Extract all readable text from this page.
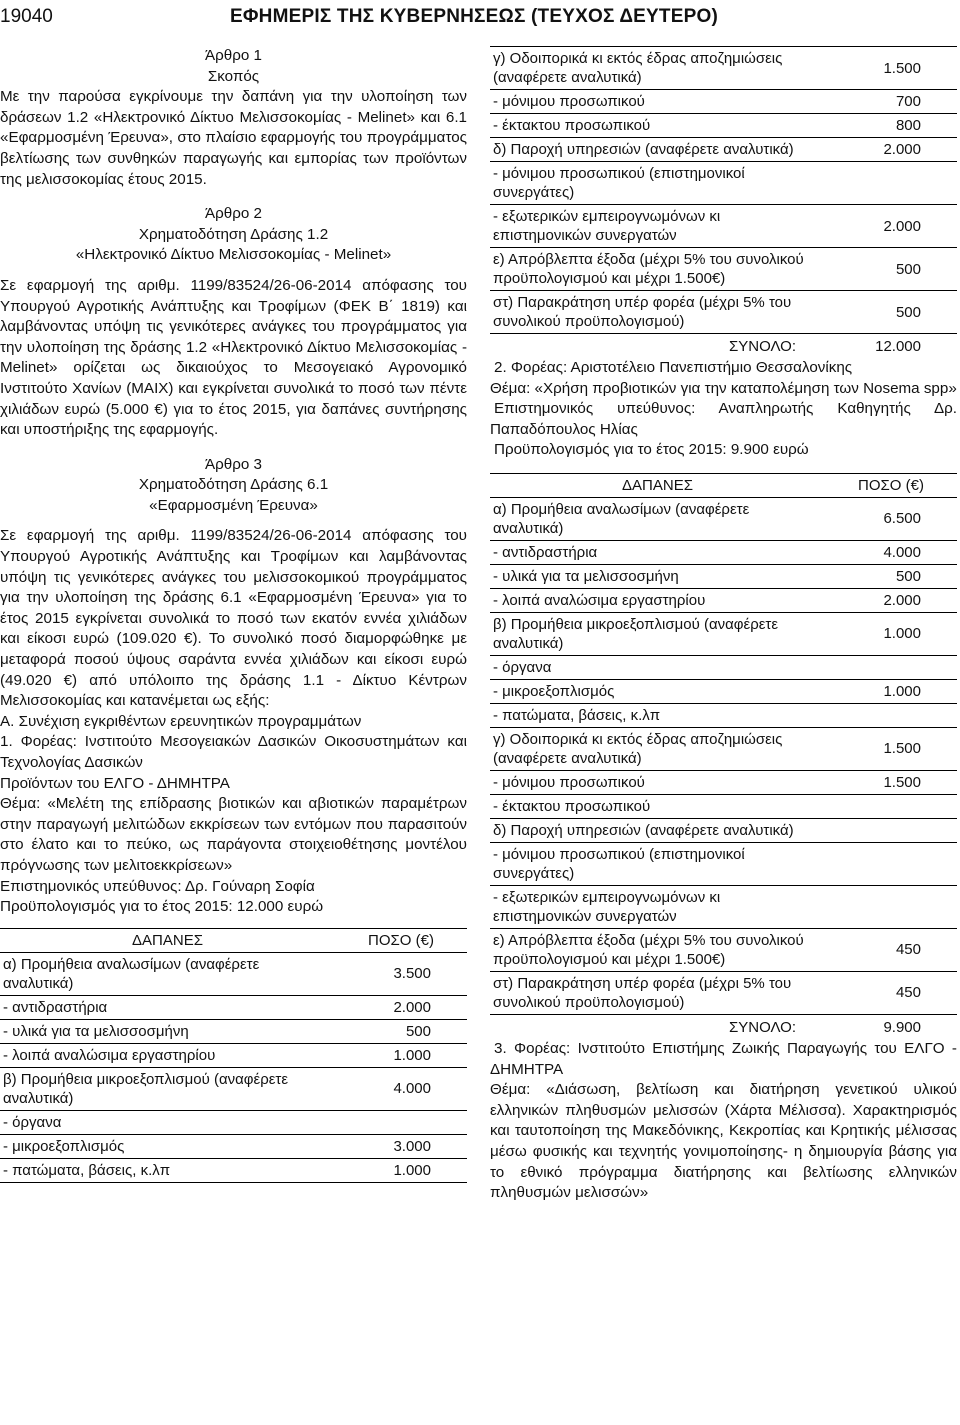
19040	ΕΦΗΜΕΡΙΣ ΤΗΣ ΚΥΒΕΡΝΗΣΕΩΣ (ΤΕΥΧΟΣ ΔΕΥΤΕΡΟ)

Άρθρο 1

Σκοπός

Με την παρούσα εγκρίνουμε την δαπάνη για την υλοποίηση των δράσεων 1.2 «Ηλεκτρονικό Δίκτυο Μελισσοκομίας - Melinet» και 6.1 «Εφαρμοσμένη Έρευνα», στο πλαίσιο εφαρμογής του προγράμματος βελτίωσης των συνθηκών παραγωγής και εμπορίας των προϊόντων της μελισσοκομίας έτους 2015.

Άρθρο 2

Χρηματοδότηση Δράσης 1.2

«Ηλεκτρονικό Δίκτυο Μελισσοκομίας - Melinet»

Σε εφαρμογή της αριθμ. 1199/83524/26-06-2014 απόφασης του Υπουργού Αγροτικής Ανάπτυξης και Τροφίμων (ΦΕΚ Β΄ 1819) και λαμβάνοντας υπόψη τις γενικότερες ανάγκες του προγράμματος για την υλοποίηση της δράσης 1.2 «Ηλεκτρονικό Δίκτυο Μελισσοκομίας -Melinet» ορίζεται ως δικαιούχος το Μεσογειακό Αγρονομικό Ινστιτούτο Χανίων (ΜΑΙΧ) και εγκρίνεται συνολικά το ποσό των πέντε χιλιάδων ευρώ (5.000 €) για το έτος 2015, για δαπάνες συντήρησης και υποστήριξης της εφαρμογής.

Άρθρο 3

Χρηματοδότηση Δράσης 6.1

«Εφαρμοσμένη Έρευνα»

Σε εφαρμογή της αριθμ. 1199/83524/26-06-2014 απόφασης του Υπουργού Αγροτικής Ανάπτυξης και Τροφίμων και λαμβάνοντας υπόψη τις γενικότερες ανάγκες του μελισσοκομικού προγράμματος για την υλοποίηση της δράσης 6.1 «Εφαρμοσμένη Έρευνα» για το έτος 2015 εγκρίνεται συνολικά το ποσό των εκατόν εννέα χιλιάδων και είκοσι ευρώ (109.020 €). Το συνολικό ποσό διαμορφώθηκε με μεταφορά ποσού ύψους σαράντα εννέα χιλιάδων και είκοσι ευρώ (49.020 €) από υπόλοιπο της δράσης 1.1 - Δίκτυο Κέντρων Μελισσοκομίας και κατανέμεται ως εξής:

Α. Συνέχιση εγκριθέντων ερευνητικών προγραμμάτων

1. Φορέας: Ινστιτούτο Μεσογειακών Δασικών Οικοσυστημάτων και Τεχνολογίας Δασικών

Προϊόντων του ΕΛΓΟ - ΔΗΜΗΤΡΑ

Θέμα: «Μελέτη της επίδρασης βιοτικών και αβιοτικών παραμέτρων στην παραγωγή μελιτώδων εκκρίσεων των εντόμων που παρασιτούν στο έλατο και το πεύκο, ως παράγοντα στοιχειοθέτησης μοντέλου πρόγνωσης των μελιτοεκκρίσεων»

Επιστημονικός υπεύθυνος: Δρ. Γούναρη Σοφία

Προϋπολογισμός για το έτος 2015: 12.000 ευρώ

ΔΑΠΑΝΕΣ	ΠΟΣΟ (€)
α) Προμήθεια αναλωσίμων (αναφέρετε αναλυτικά)	3.500
- αντιδραστήρια	2.000
- υλικά για τα μελισσοσμήνη	500
- λοιπά αναλώσιμα εργαστηρίου	1.000
β) Προμήθεια μικροεξοπλισμού (αναφέρετε αναλυτικά)	4.000
- όργανα	
- μικροεξοπλισμός	3.000
- πατώματα, βάσεις, κ.λπ	1.000
γ) Οδοιπορικά κι εκτός έδρας αποζημιώσεις (αναφέρετε αναλυτικά)	1.500
- μόνιμου προσωπικού	700
- έκτακτου προσωπικού	800
δ) Παροχή υπηρεσιών (αναφέρετε αναλυτικά)	2.000
- μόνιμου προσωπικού (επιστημονικοί συνεργάτες)	
- εξωτερικών εμπειρογνωμόνων κι επιστημονικών συνεργατών	2.000
ε) Απρόβλεπτα έξοδα (μέχρι 5% του συνολικού προϋπολογισμού και μέχρι 1.500€)	500
στ) Παρακράτηση υπέρ φορέα (μέχρι 5% του συνολικού προϋπολογισμού)	500
ΣΥΝΟΛΟ:	12.000

2. Φορέας: Αριστοτέλειο Πανεπιστήμιο Θεσσαλονίκης

Θέμα: «Χρήση προβιοτικών για την καταπολέμηση των Nosema spp»

Επιστημονικός υπεύθυνος: Αναπληρωτής Καθηγητής Δρ. Παπαδόπουλος Ηλίας

Προϋπολογισμός για το έτος 2015: 9.900 ευρώ

ΔΑΠΑΝΕΣ	ΠΟΣΟ (€)
α) Προμήθεια αναλωσίμων (αναφέρετε αναλυτικά)	6.500
- αντιδραστήρια	4.000
- υλικά για τα μελισσοσμήνη	500
- λοιπά αναλώσιμα εργαστηρίου	2.000
β) Προμήθεια μικροεξοπλισμού (αναφέρετε αναλυτικά)	1.000
- όργανα	
- μικροεξοπλισμός	1.000
- πατώματα, βάσεις, κ.λπ	
γ) Οδοιπορικά κι εκτός έδρας αποζημιώσεις (αναφέρετε αναλυτικά)	1.500
- μόνιμου προσωπικού	1.500
- έκτακτου προσωπικού	
δ) Παροχή υπηρεσιών (αναφέρετε αναλυτικά)	
- μόνιμου προσωπικού (επιστημονικοί συνεργάτες)	
- εξωτερικών εμπειρογνωμόνων κι επιστημονικών συνεργατών	
ε) Απρόβλεπτα έξοδα (μέχρι 5% του συνολικού προϋπολογισμού και μέχρι 1.500€)	450
στ) Παρακράτηση υπέρ φορέα (μέχρι 5% του συνολικού προϋπολογισμού)	450
ΣΥΝΟΛΟ:	9.900

3. Φορέας: Ινστιτούτο Επιστήμης Ζωικής Παραγωγής του ΕΛΓΟ - ΔΗΜΗΤΡΑ

Θέμα: «Διάσωση, βελτίωση και διατήρηση γενετικού υλικού ελληνικών πληθυσμών μελισσών (Χάρτα Μέλισσα). Χαρακτηρισμός και ταυτοποίηση της Μακεδόνικης, Κεκροπίας και Κρητικής μέλισσας μέσω φυσικής και τεχνητής γονιμοποίησης- η δημιουργία βάσης για το εθνικό πρόγραμμα διατήρησης και βελτίωσης ελληνικών πληθυσμών μελισσών»
